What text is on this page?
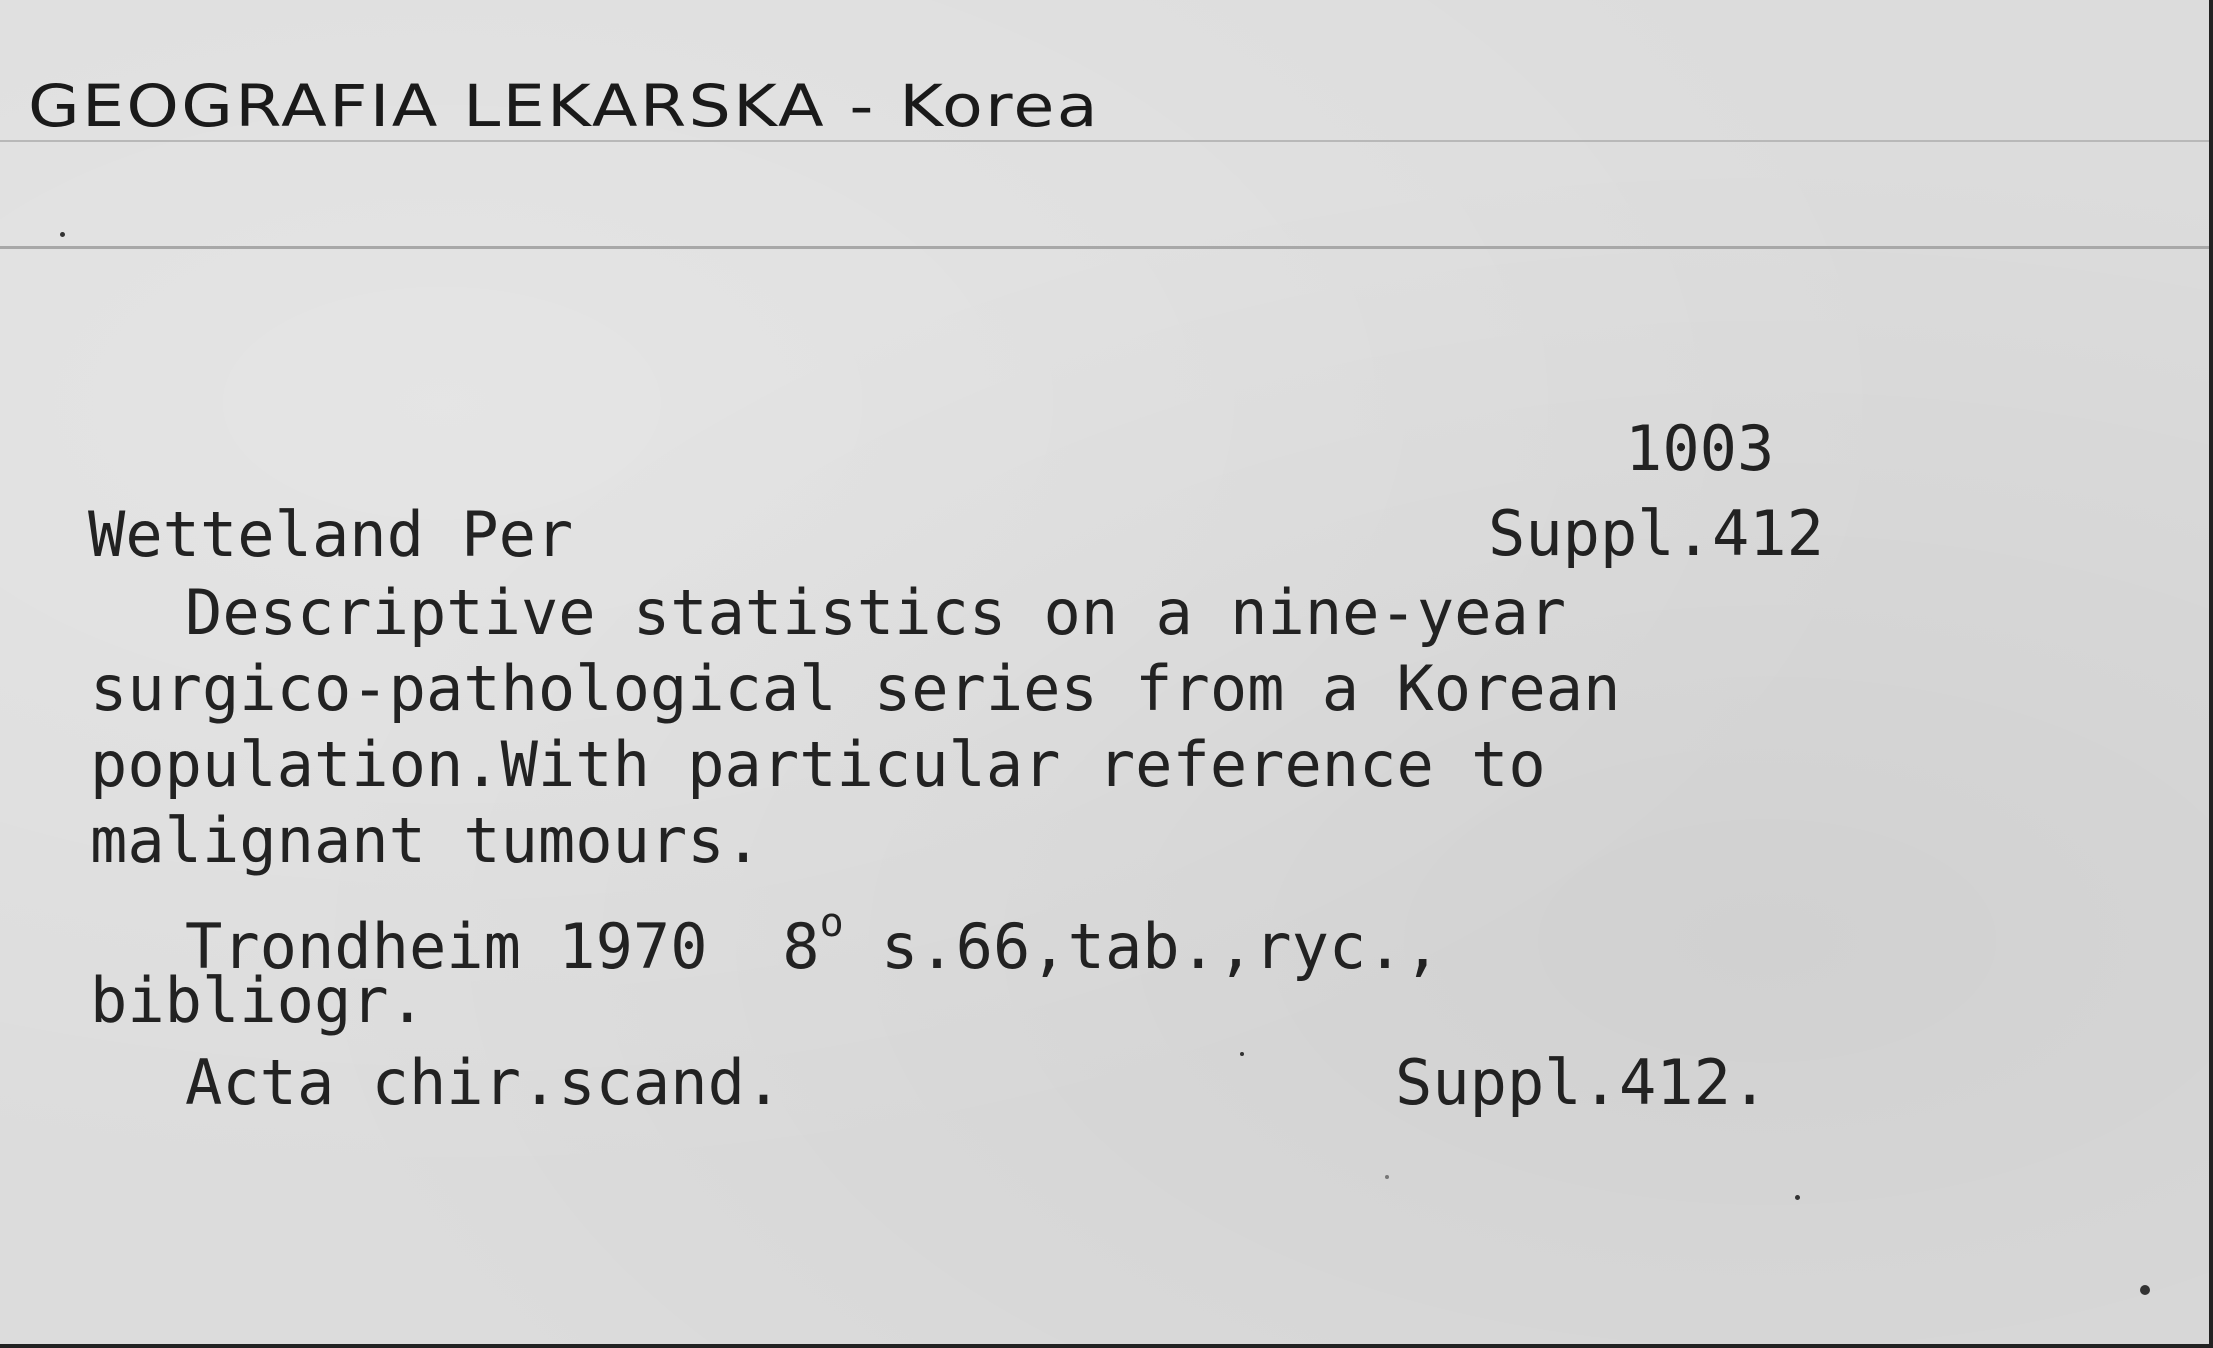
GEOGRAFIA LEKARSKA - Korea
1003
Suppl.412
Wetteland Per
Descriptive statistics on a nine-year
surgico-pathological series from a Korean
population.With particular reference to
malignant tumours.
Trondheim 1970 8$^o$ s.66,tab.,ryc.,
bibliogr.
Acta chir.scand.	Suppl.412.
